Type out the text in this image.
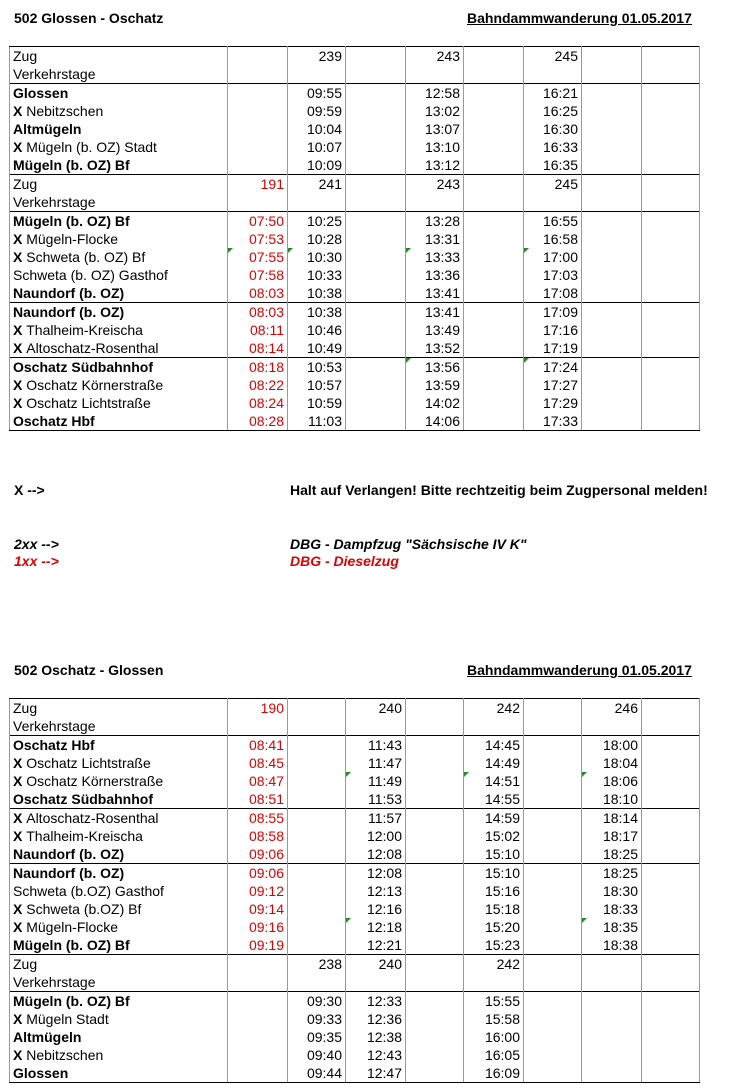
502 Glossen - Oschatz	Bahndammwanderung 01.05.2017
Zug		239		243		245		
Verkehrstage								
Glossen		09:55		12:58		16:21		
X Nebitzschen		09:59		13:02		16:25		
Altmügeln		10:04		13:07		16:30		
X Mügeln (b. OZ) Stadt		10:07		13:10		16:33		
Mügeln (b. OZ) Bf		10:09		13:12		16:35		
Zug	191	241		243		245		
Verkehrstage								
Mügeln (b. OZ) Bf	07:50	10:25		13:28		16:55		
X Mügeln-Flocke	07:53	10:28		13:31		16:58		
X Schweta (b. OZ) Bf	07:55	10:30		13:33		17:00		
Schweta (b. OZ) Gasthof	07:58	10:33		13:36		17:03		
Naundorf (b. OZ)	08:03	10:38		13:41		17:08		
Naundorf (b. OZ)	08:03	10:38		13:41		17:09		
X Thalheim-Kreischa	08:11	10:46		13:49		17:16		
X Altoschatz-Rosenthal	08:14	10:49		13:52		17:19		
Oschatz Südbahnhof	08:18	10:53		13:56		17:24		
X Oschatz Körnerstraße	08:22	10:57		13:59		17:27		
X Oschatz Lichtstraße	08:24	10:59		14:02		17:29		
Oschatz Hbf	08:28	11:03		14:06		17:33		
X -->	Halt auf Verlangen! Bitte rechtzeitig beim Zugpersonal melden!
2xx -->	DBG - Dampfzug "Sächsische IV K"
1xx -->	DBG - Dieselzug
502 Oschatz - Glossen	Bahndammwanderung 01.05.2017
Zug	190		240		242		246	
Verkehrstage								
Oschatz Hbf	08:41		11:43		14:45		18:00	
X Oschatz Lichtstraße	08:45		11:47		14:49		18:04	
X Oschatz Körnerstraße	08:47		11:49		14:51		18:06	
Oschatz Südbahnhof	08:51		11:53		14:55		18:10	
X Altoschatz-Rosenthal	08:55		11:57		14:59		18:14	
X Thalheim-Kreischa	08:58		12:00		15:02		18:17	
Naundorf (b. OZ)	09:06		12:08		15:10		18:25	
Naundorf (b. OZ)	09:06		12:08		15:10		18:25	
Schweta (b.OZ) Gasthof	09:12		12:13		15:16		18:30	
X Schweta (b.OZ) Bf	09:14		12:16		15:18		18:33	
X Mügeln-Flocke	09:16		12:18		15:20		18:35	
Mügeln (b. OZ) Bf	09:19		12:21		15:23		18:38	
Zug		238	240		242			
Verkehrstage								
Mügeln (b. OZ) Bf		09:30	12:33		15:55			
X Mügeln Stadt		09:33	12:36		15:58			
Altmügeln		09:35	12:38		16:00			
X Nebitzschen		09:40	12:43		16:05			
Glossen		09:44	12:47		16:09			
